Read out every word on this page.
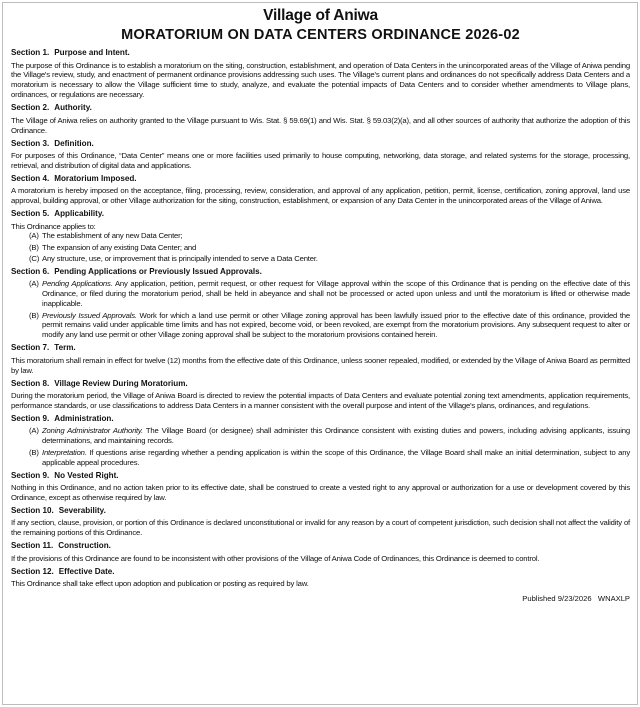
Village of Aniwa
MORATORIUM ON DATA CENTERS ORDINANCE 2026-02
Section 1. Purpose and Intent.
The purpose of this Ordinance is to establish a moratorium on the siting, construction, establishment, and operation of Data Centers in the unincorporated areas of the Village of Aniwa pending the Village's review, study, and enactment of permanent ordinance provisions addressing such uses. The Village's current plans and ordinances do not specifically address Data Centers and a moratorium is necessary to allow the Village sufficient time to study, analyze, and evaluate the potential impacts of Data Centers and to consider whether amendments to Village plans, ordinances, or regulations are necessary.
Section 2. Authority.
The Village of Aniwa relies on authority granted to the Village pursuant to Wis. Stat. § 59.69(1) and Wis. Stat. § 59.03(2)(a), and all other sources of authority that authorize the adoption of this Ordinance.
Section 3. Definition.
For purposes of this Ordinance, “Data Center” means one or more facilities used primarily to house computing, networking, data storage, and related systems for the storage, processing, retrieval, and distribution of digital data and applications.
Section 4. Moratorium Imposed.
A moratorium is hereby imposed on the acceptance, filing, processing, review, consideration, and approval of any application, petition, permit, license, certification, zoning approval, land use approval, building approval, or other Village authorization for the siting, construction, establishment, or expansion of any Data Center in the unincorporated areas of the Village of Aniwa.
Section 5. Applicability.
This Ordinance applies to:
(A) The establishment of any new Data Center;
(B) The expansion of any existing Data Center; and
(C) Any structure, use, or improvement that is principally intended to serve a Data Center.
Section 6. Pending Applications or Previously Issued Approvals.
(A) Pending Applications. Any application, petition, permit request, or other request for Village approval within the scope of this Ordinance that is pending on the effective date of this Ordinance, or filed during the moratorium period, shall be held in abeyance and shall not be processed or acted upon unless and until the moratorium is lifted or otherwise made inapplicable.
(B) Previously Issued Approvals. Work for which a land use permit or other Village zoning approval has been lawfully issued prior to the effective date of this ordinance, provided the permit remains valid under applicable time limits and has not expired, become void, or been revoked, are exempt from the moratorium provisions. Any subsequent request to alter or modify any land use permit or other Village zoning approval shall be subject to the moratorium provisions contained herein.
Section 7. Term.
This moratorium shall remain in effect for twelve (12) months from the effective date of this Ordinance, unless sooner repealed, modified, or extended by the Village of Aniwa Board as permitted by law.
Section 8. Village Review During Moratorium.
During the moratorium period, the Village of Aniwa Board is directed to review the potential impacts of Data Centers and evaluate potential zoning text amendments, application requirements, performance standards, or use classifications to address Data Centers in a manner consistent with the overall purpose and intent of the Village's plans, ordinances, and regulations.
Section 9. Administration.
(A) Zoning Administrator Authority. The Village Board (or designee) shall administer this Ordinance consistent with existing duties and powers, including advising applicants, issuing determinations, and maintaining records.
(B) Interpretation. If questions arise regarding whether a pending application is within the scope of this Ordinance, the Village Board shall make an initial determination, subject to any applicable appeal procedures.
Section 9. No Vested Right.
Nothing in this Ordinance, and no action taken prior to its effective date, shall be construed to create a vested right to any approval or authorization for a use or development covered by this Ordinance, except as otherwise required by law.
Section 10. Severability.
If any section, clause, provision, or portion of this Ordinance is declared unconstitutional or invalid for any reason by a court of competent jurisdiction, such decision shall not affect the validity of the remaining portions of this Ordinance.
Section 11. Construction.
If the provisions of this Ordinance are found to be inconsistent with other provisions of the Village of Aniwa Code of Ordinances, this Ordinance is deemed to control.
Section 12. Effective Date.
This Ordinance shall take effect upon adoption and publication or posting as required by law.
Published 9/23/2026 WNAXLP
